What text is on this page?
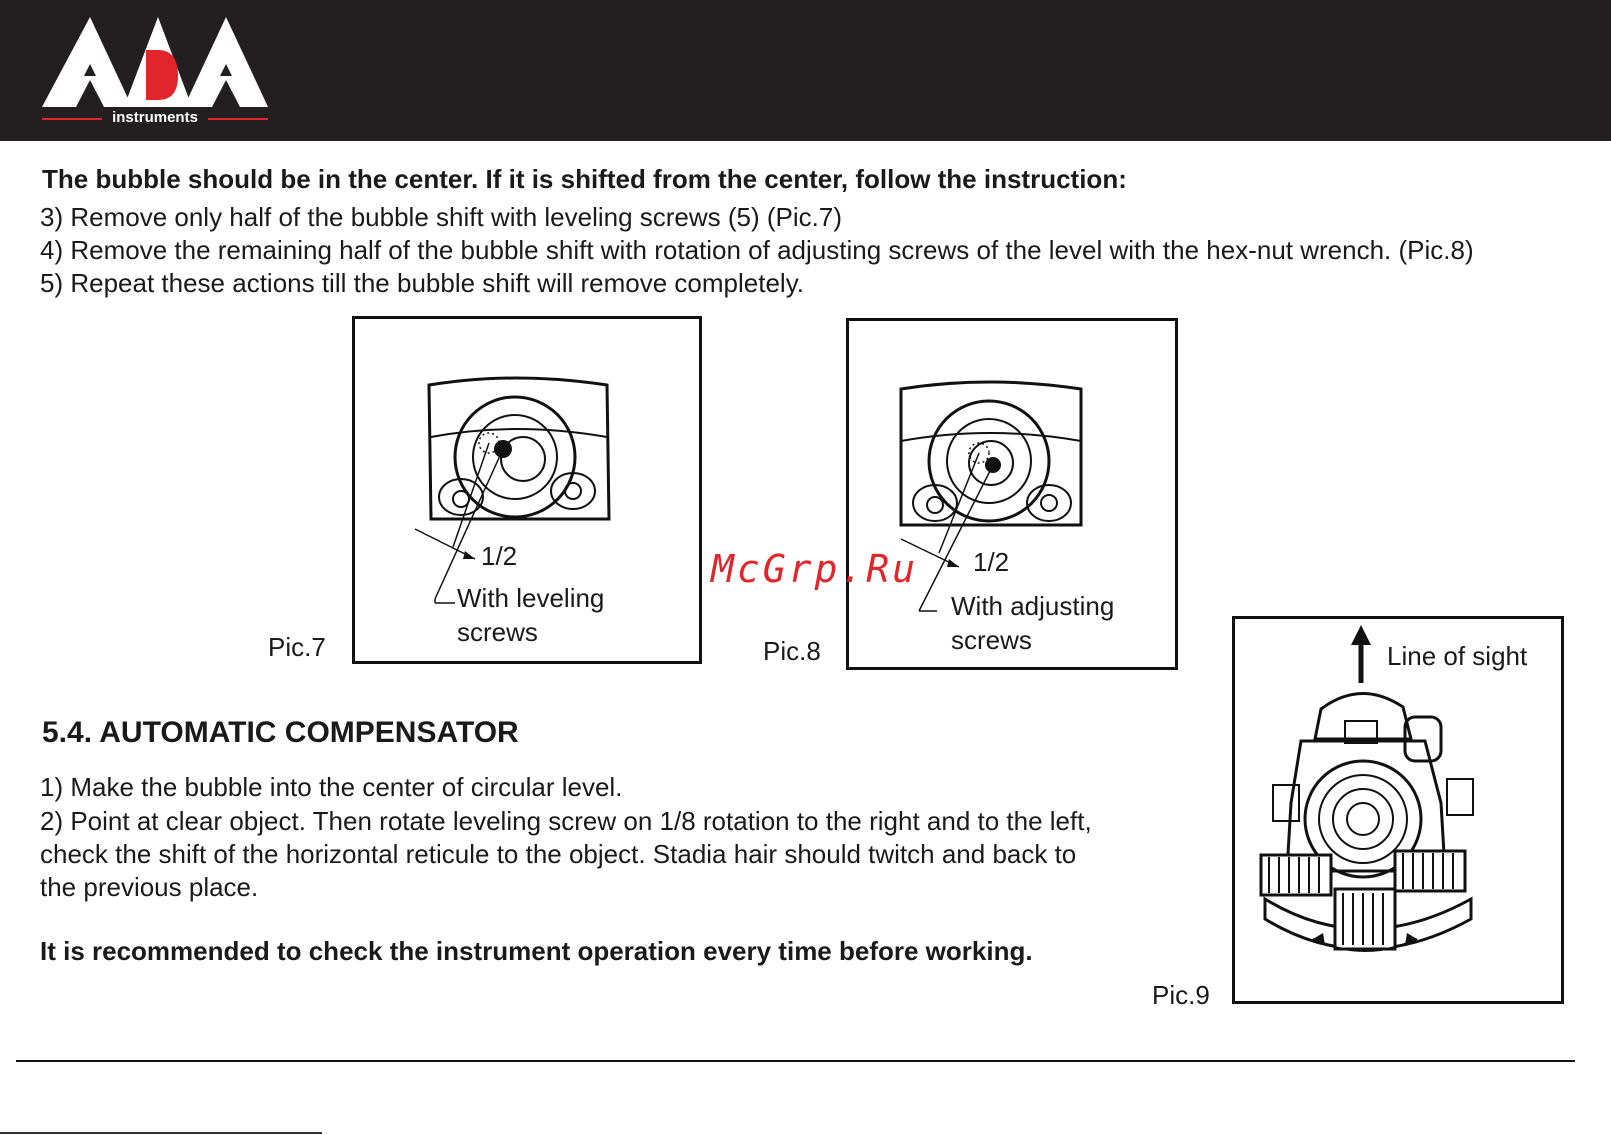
instruments
The bubble should be in the center. If it is shifted from the center, follow the instruction:
3) Remove only half of the bubble shift with leveling screws (5) (Pic.7)
4) Remove the remaining half of the bubble shift with rotation of adjusting screws of the level with the hex-nut wrench. (Pic.8)
5) Repeat these actions till the bubble shift will remove completely.
Pic.7
1/2
With leveling
screws
Pic.8
1/2
With adjusting
screws
McGrp.Ru
Line of sight
Pic.9
5.4. AUTOMATIC COMPENSATOR
1) Make the bubble into the center of circular level.
2) Point at clear object. Then rotate leveling screw on 1/8 rotation to the right and to the left,
check the shift of the horizontal reticule to the object. Stadia hair should twitch and back to
the previous place.
It is recommended to check the instrument operation every time before working.
